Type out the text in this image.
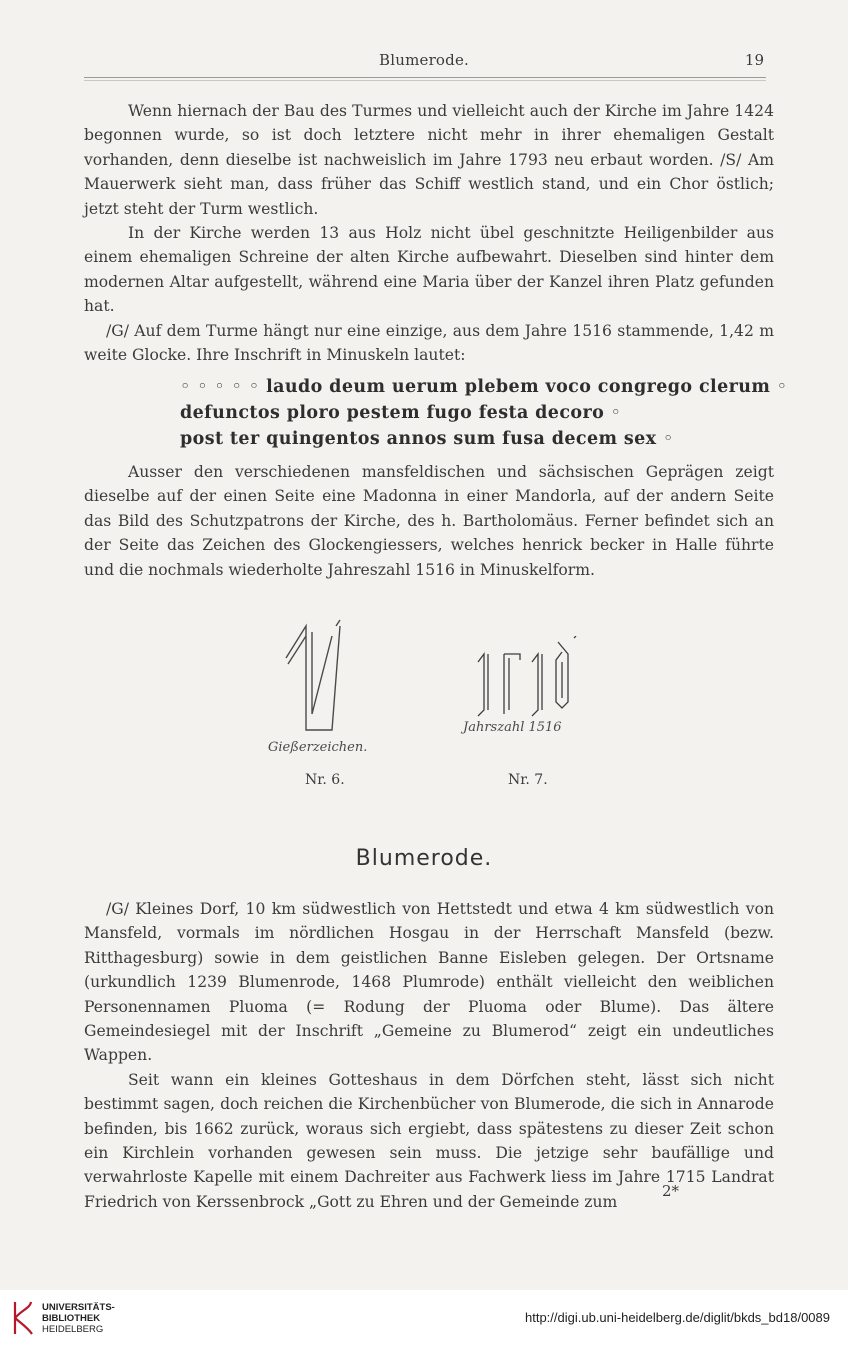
Blumerode.	19

Wenn hiernach der Bau des Turmes und vielleicht auch der Kirche im Jahre 1424 begonnen wurde, so ist doch letztere nicht mehr in ihrer ehemaligen Gestalt vorhanden, denn dieselbe ist nachweislich im Jahre 1793 neu erbaut worden. /S/ Am Mauerwerk sieht man, dass früher das Schiff westlich stand, und ein Chor östlich; jetzt steht der Turm westlich.

In der Kirche werden 13 aus Holz nicht übel geschnitzte Heiligenbilder aus einem ehemaligen Schreine der alten Kirche aufbewahrt. Dieselben sind hinter dem modernen Altar aufgestellt, während eine Maria über der Kanzel ihren Platz gefunden hat.

/G/ Auf dem Turme hängt nur eine einzige, aus dem Jahre 1516 stammende, 1,42 m weite Glocke. Ihre Inschrift in Minuskeln lautet:

◦ ◦ ◦ ◦ ◦ laudo deum uerum plebem voco congrego clerum ◦
defunctos ploro pestem fugo festa decoro ◦
post ter quingentos annos sum fusa decem sex ◦

Ausser den verschiedenen mansfeldischen und sächsischen Geprägen zeigt dieselbe auf der einen Seite eine Madonna in einer Mandorla, auf der andern Seite das Bild des Schutzpatrons der Kirche, des h. Bartholomäus. Ferner befindet sich an der Seite das Zeichen des Glockengiessers, welches henrick becker in Halle führte und die nochmals wiederholte Jahreszahl 1516 in Minuskelform.

Gießerzeichen.
Nr. 6.
Jahrszahl 1516
Nr. 7.
Blumerode.

/G/ Kleines Dorf, 10 km südwestlich von Hettstedt und etwa 4 km südwestlich von Mansfeld, vormals im nördlichen Hosgau in der Herrschaft Mansfeld (bezw. Ritthagesburg) sowie in dem geistlichen Banne Eisleben gelegen. Der Ortsname (urkundlich 1239 Blumenrode, 1468 Plumrode) enthält vielleicht den weiblichen Personennamen Pluoma (= Rodung der Pluoma oder Blume). Das ältere Gemeindesiegel mit der Inschrift „Gemeine zu Blumerod“ zeigt ein undeutliches Wappen.

Seit wann ein kleines Gotteshaus in dem Dörfchen steht, lässt sich nicht bestimmt sagen, doch reichen die Kirchenbücher von Blumerode, die sich in Annarode befinden, bis 1662 zurück, woraus sich ergiebt, dass spätestens zu dieser Zeit schon ein Kirchlein vorhanden gewesen sein muss. Die jetzige sehr baufällige und verwahrloste Kapelle mit einem Dachreiter aus Fachwerk liess im Jahre 1715 Landrat Friedrich von Kerssenbrock „Gott zu Ehren und der Gemeinde zum

2*
UNIVERSITÄTS-
BIBLIOTHEK
HEIDELBERG
http://digi.ub.uni-heidelberg.de/diglit/bkds_bd18/0089
